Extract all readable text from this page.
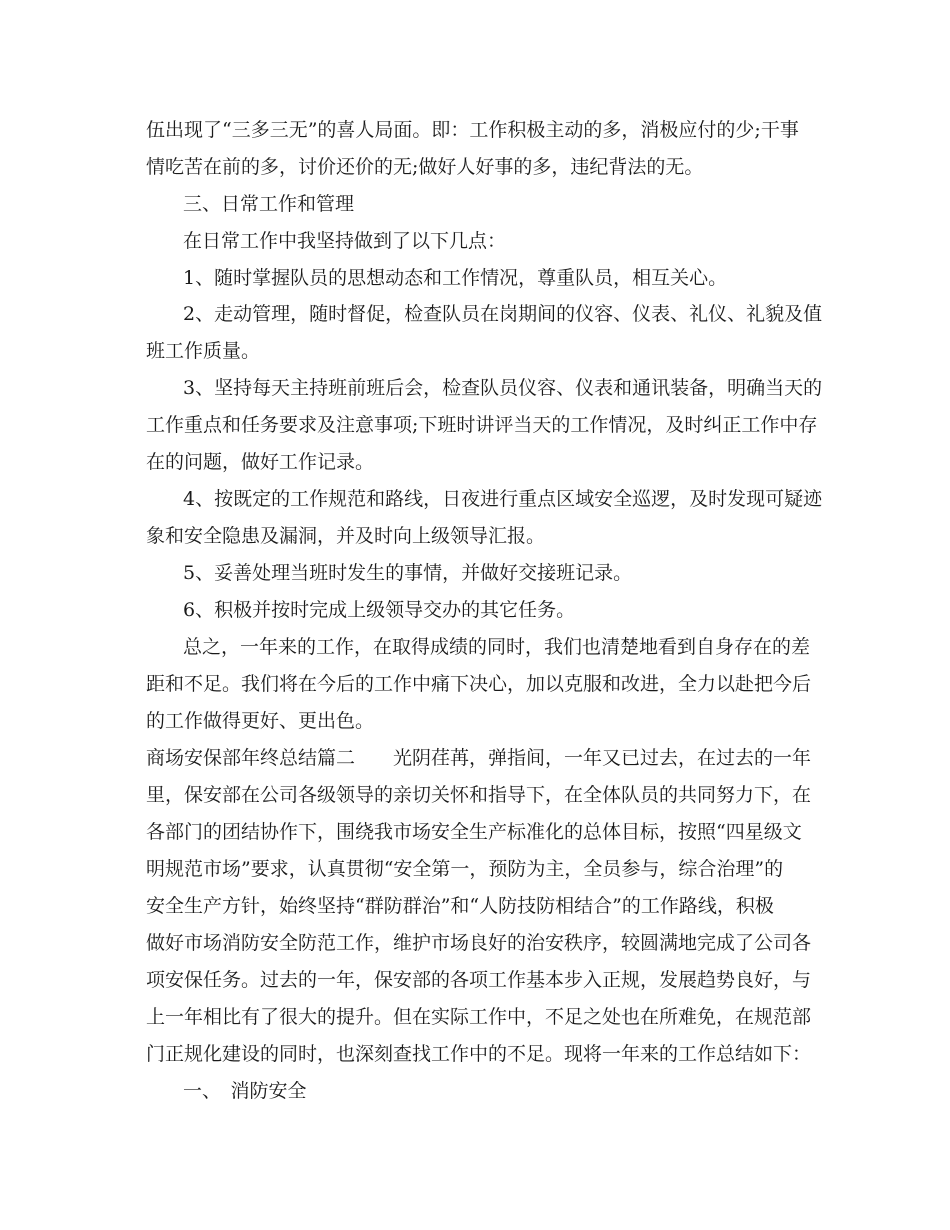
伍出现了“三多三无”的喜人局面。即：工作积极主动的多，消极应付的少;干事
情吃苦在前的多，讨价还价的无;做好人好事的多，违纪背法的无。
三、日常工作和管理
在日常工作中我坚持做到了以下几点：
1、随时掌握队员的思想动态和工作情况，尊重队员，相互关心。
2、走动管理，随时督促，检查队员在岗期间的仪容、仪表、礼仪、礼貌及值
班工作质量。
3、坚持每天主持班前班后会，检查队员仪容、仪表和通讯装备，明确当天的
工作重点和任务要求及注意事项;下班时讲评当天的工作情况，及时纠正工作中存
在的问题，做好工作记录。
4、按既定的工作规范和路线，日夜进行重点区域安全巡逻，及时发现可疑迹
象和安全隐患及漏洞，并及时向上级领导汇报。
5、妥善处理当班时发生的事情，并做好交接班记录。
6、积极并按时完成上级领导交办的其它任务。
总之，一年来的工作，在取得成绩的同时，我们也清楚地看到自身存在的差
距和不足。我们将在今后的工作中痛下决心，加以克服和改进，全力以赴把今后
的工作做得更好、更出色。
商场安保部年终总结篇二　　光阴荏苒，弹指间，一年又已过去，在过去的一年
里，保安部在公司各级领导的亲切关怀和指导下，在全体队员的共同努力下，在
各部门的团结协作下，围绕我市场安全生产标准化的总体目标，按照“四星级文
明规范市场”要求，认真贯彻“安全第一，预防为主，全员参与，综合治理”的
安全生产方针，始终坚持“群防群治”和“人防技防相结合”的工作路线，积极
做好市场消防安全防范工作，维护市场良好的治安秩序，较圆满地完成了公司各
项安保任务。过去的一年，保安部的各项工作基本步入正规，发展趋势良好，与
上一年相比有了很大的提升。但在实际工作中，不足之处也在所难免，在规范部
门正规化建设的同时，也深刻查找工作中的不足。现将一年来的工作总结如下：
一、　消防安全
